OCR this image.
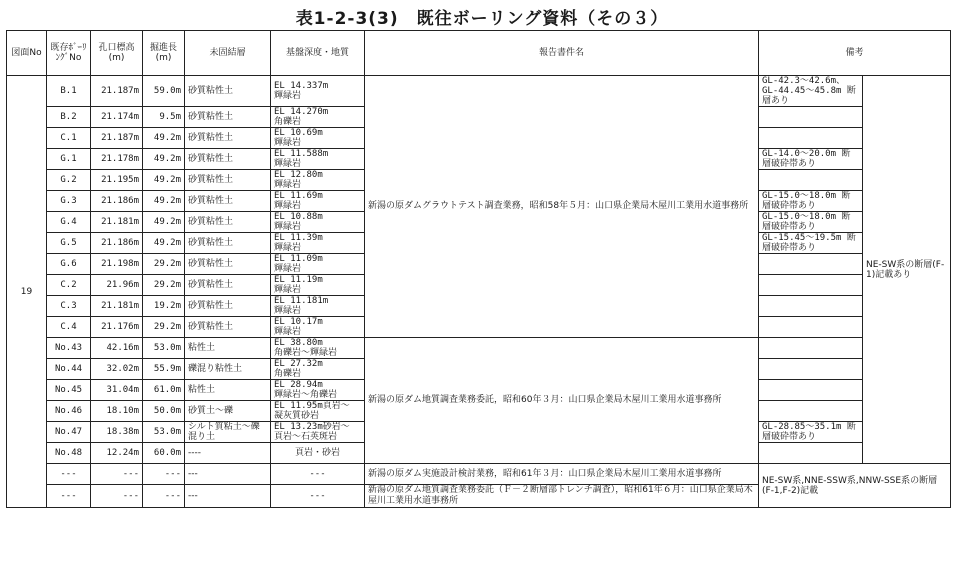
表1-2-3(3)　既往ボーリング資料（その３）
図面No	既存ﾎﾞｰﾘﾝｸﾞNo	孔口標高(m)	掘進長(m)	未固結層	基盤深度・地質	報告書件名	備考	
19	B.1	21.187m	59.0m	砂質粘性土	EL 14.337m
輝緑岩	新湯の原ダムグラウトテスト調査業務，昭和58年５月：山口県企業局木屋川工業用水道事務所	GL-42.3～42.6m、GL-44.45～45.8m 断層あり	NE-SW系の断層(F-1)記載あり
	B.2	21.174m	9.5m	砂質粘性土	EL 14.270m
角礫岩			

	C.1	21.187m	49.2m	砂質粘性土	EL 10.69m
輝緑岩			

	G.1	21.178m	49.2m	砂質粘性土	EL 11.588m
輝緑岩		GL-14.0～20.0m 断層破砕帯あり	
	G.2	21.195m	49.2m	砂質粘性土	EL 12.80m
輝緑岩			

	G.3	21.186m	49.2m	砂質粘性土	EL 11.69m
輝緑岩		GL-15.0～18.0m 断層破砕帯あり	
	G.4	21.181m	49.2m	砂質粘性土	EL 10.88m
輝緑岩		GL-15.0～18.0m 断層破砕帯あり	
	G.5	21.186m	49.2m	砂質粘性土	EL 11.39m
輝緑岩		GL-15.45～19.5m 断層破砕帯あり	
	G.6	21.198m	29.2m	砂質粘性土	EL 11.09m
輝緑岩			

	C.2	21.96m	29.2m	砂質粘性土	EL 11.19m
輝緑岩			

	C.3	21.181m	19.2m	砂質粘性土	EL 11.181m
輝緑岩			

	C.4	21.176m	29.2m	砂質粘性土	EL 10.17m
輝緑岩			

	No.43	42.16m	53.0m	粘性土	EL 38.80m
角礫岩～輝緑岩	新湯の原ダム地質調査業務委託，昭和60年３月：山口県企業局木屋川工業用水道事務所		
	No.44	32.02m	55.9m	礫混り粘性土	EL 27.32m
角礫岩			

	No.45	31.04m	61.0m	粘性土	EL 28.94m
輝緑岩～角礫岩			

	No.46	18.10m	50.0m	砂質土～礫	EL 11.95m頁岩～
凝灰質砂岩			

	No.47	18.38m	53.0m	シルト質粘土～礫混り土	EL 13.23m砂岩～
頁岩～石英斑岩		GL-28.85～35.1m 断層破砕帯あり	
	No.48	12.24m	60.0m	----	頁岩・砂岩			

	---	---	---	---	---	新湯の原ダム実施設計検討業務，昭和61年３月：山口県企業局木屋川工業用水道事務所	NE-SW系,NNE-SSW系,NNW-SSE系の断層(F-1,F-2)記載	
	---	---	---	---	---	新湯の原ダム地質調査業務委託（Ｆ－２断層部トレンチ調査），昭和61年６月：山口県企業局木屋川工業用水道事務所		
